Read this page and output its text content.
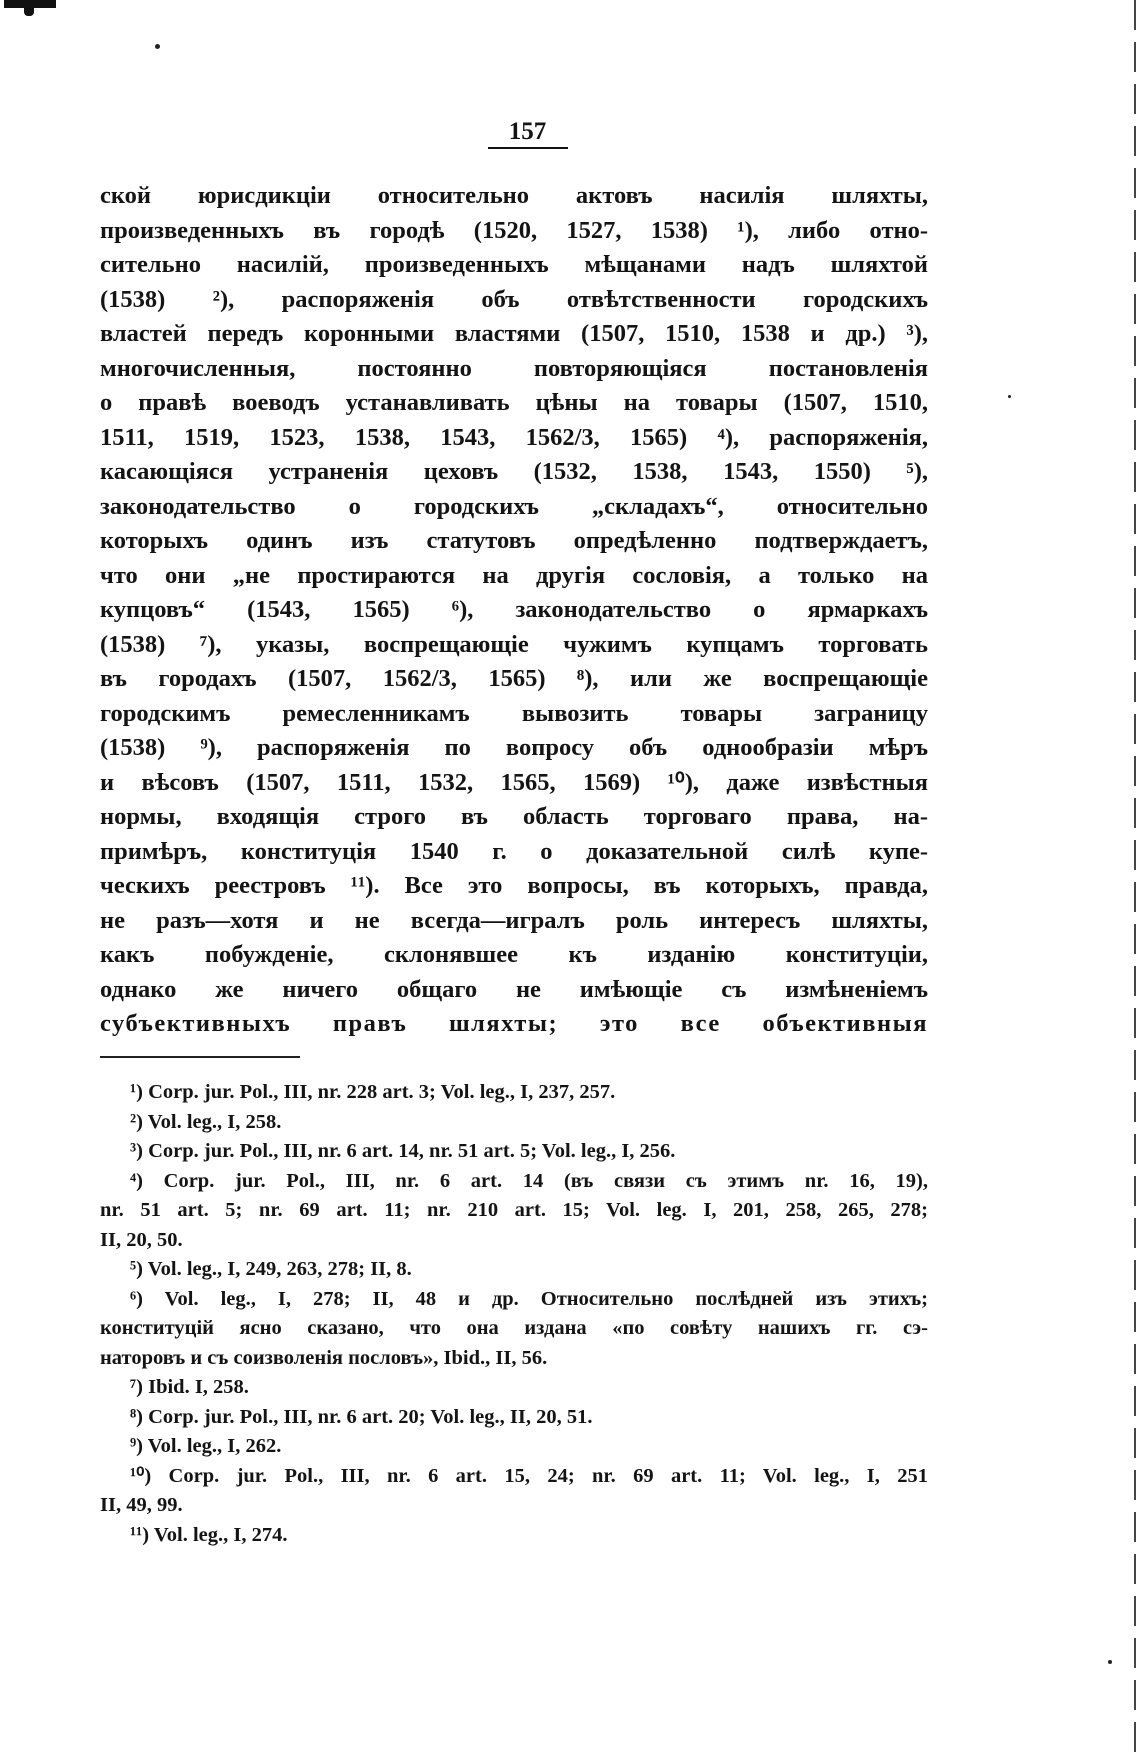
157
ской юрисдикціи относительно актовъ насилія шляхты,
произведенныхъ въ городѣ (1520, 1527, 1538) ¹), либо отно-
сительно насилій, произведенныхъ мѣщанами надъ шляхтой
(1538) ²), распоряженія объ отвѣтственности городскихъ
властей передъ коронными властями (1507, 1510, 1538 и др.) ³),
многочисленныя, постоянно повторяющіяся постановленія
о правѣ воеводъ устанавливать цѣны на товары (1507, 1510,
1511, 1519, 1523, 1538, 1543, 1562/3, 1565) ⁴), распоряженія,
касающіяся устраненія цеховъ (1532, 1538, 1543, 1550) ⁵),
законодательство о городскихъ „складахъ“, относительно
которыхъ одинъ изъ статутовъ опредѣленно подтверждаетъ,
что они „не простираются на другія сословія, а только на
купцовъ“ (1543, 1565) ⁶), законодательство о ярмаркахъ
(1538) ⁷), указы, воспрещающіе чужимъ купцамъ торговать
въ городахъ (1507, 1562/3, 1565) ⁸), или же воспрещающіе
городскимъ ремесленникамъ вывозить товары заграницу
(1538) ⁹), распоряженія по вопросу объ однообразіи мѣръ
и вѣсовъ (1507, 1511, 1532, 1565, 1569) ¹⁰), даже извѣстныя
нормы, входящія строго въ область торговаго права, на-
примѣръ, конституція 1540 г. о доказательной силѣ купе-
ческихъ реестровъ ¹¹). Все это вопросы, въ которыхъ, правда,
не разъ—хотя и не всегда—игралъ роль интересъ шляхты,
какъ побужденіе, склонявшее къ изданію конституціи,
однако же ничего общаго не имѣющіе съ измѣненіемъ
субъективныхъ правъ шляхты; это все объективныя
¹) Corp. jur. Pol., III, nr. 228 art. 3; Vol. leg., I, 237, 257.
²) Vol. leg., I, 258.
³) Corp. jur. Pol., III, nr. 6 art. 14, nr. 51 art. 5; Vol. leg., I, 256.
⁴) Corp. jur. Pol., III, nr. 6 art. 14 (въ связи съ этимъ nr. 16, 19),
nr. 51 art. 5; nr. 69 art. 11; nr. 210 art. 15; Vol. leg. I, 201, 258, 265, 278;
II, 20, 50.
⁵) Vol. leg., I, 249, 263, 278; II, 8.
⁶) Vol. leg., I, 278; II, 48 и др. Относительно послѣдней изъ этихъ;
конституцій ясно сказано, что она издана «по совѣту нашихъ гг. сэ-
наторовъ и съ соизволенія пословъ», Ibid., II, 56.
⁷) Ibid. I, 258.
⁸) Corp. jur. Pol., III, nr. 6 art. 20; Vol. leg., II, 20, 51.
⁹) Vol. leg., I, 262.
¹⁰) Corp. jur. Pol., III, nr. 6 art. 15, 24; nr. 69 art. 11; Vol. leg., I, 251
II, 49, 99.
¹¹) Vol. leg., I, 274.
